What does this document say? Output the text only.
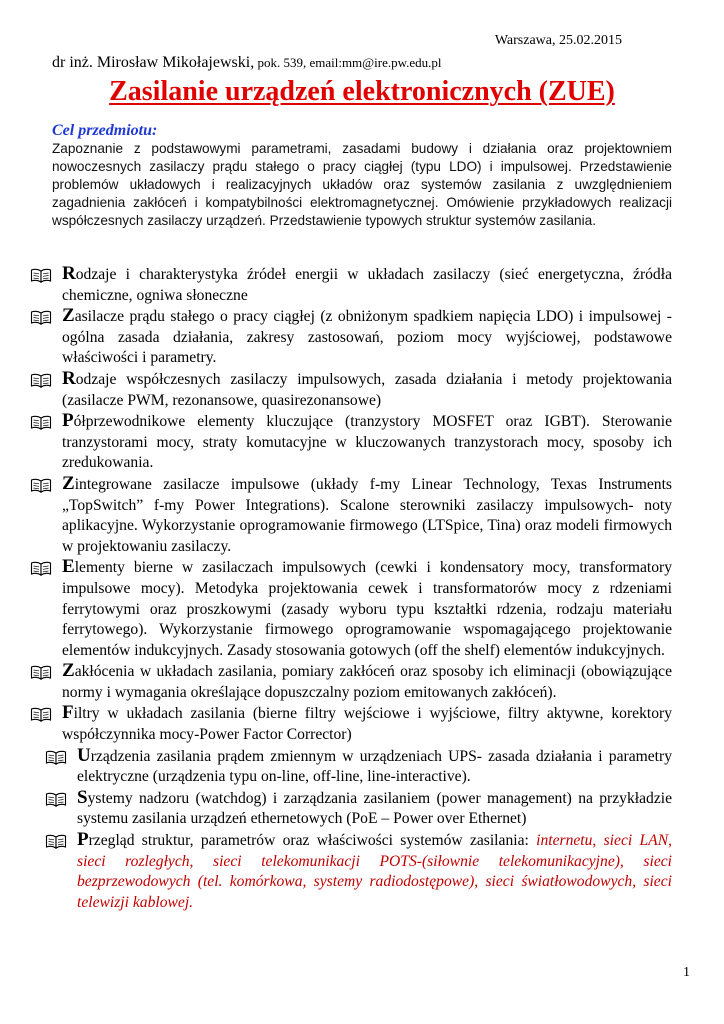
Warszawa, 25.02.2015
dr inż. Mirosław Mikołajewski, pok. 539, email:mm@ire.pw.edu.pl
Zasilanie urządzeń elektronicznych (ZUE)
Cel przedmiotu:
Zapoznanie z podstawowymi parametrami, zasadami budowy i działania oraz projektowniem nowoczesnych zasilaczy prądu stałego o pracy ciągłej (typu LDO) i impulsowej. Przedstawienie problemów układowych i realizacyjnych układów oraz systemów zasilania z uwzględnieniem zagadnienia zakłóceń i kompatybilności elektromagnetycznej. Omówienie przykładowych realizacji współczesnych zasilaczy urządzeń. Przedstawienie typowych struktur systemów zasilania.
Rodzaje i charakterystyka źródeł energii w układach zasilaczy (sieć energetyczna, źródła chemiczne, ogniwa słoneczne
Zasilacze prądu stałego o pracy ciągłej (z obniżonym spadkiem napięcia LDO) i impulsowej - ogólna zasada działania, zakresy zastosowań, poziom mocy wyjściowej, podstawowe właściwości i parametry.
Rodzaje współczesnych zasilaczy impulsowych, zasada działania i metody projektowania (zasilacze PWM, rezonansowe, quasirezonansowe)
Półprzewodnikowe elementy kluczujące (tranzystory MOSFET oraz IGBT). Sterowanie tranzystorami mocy, straty komutacyjne w kluczowanych tranzystorach mocy, sposoby ich zredukowania.
Zintegrowane zasilacze impulsowe (układy f-my Linear Technology, Texas Instruments „TopSwitch” f-my Power Integrations). Scalone sterowniki zasilaczy impulsowych- noty aplikacyjne. Wykorzystanie oprogramowanie firmowego (LTSpice, Tina) oraz modeli firmowych w projektowaniu zasilaczy.
Elementy bierne w zasilaczach impulsowych (cewki i kondensatory mocy, transformatory impulsowe mocy). Metodyka projektowania cewek i transformatorów mocy z rdzeniami ferrytowymi oraz proszkowymi (zasady wyboru typu kształtki rdzenia, rodzaju materiału ferrytowego). Wykorzystanie firmowego oprogramowanie wspomagającego projektowanie elementów indukcyjnych. Zasady stosowania gotowych (off the shelf) elementów indukcyjnych.
Zakłócenia w układach zasilania, pomiary zakłóceń oraz sposoby ich eliminacji (obowiązujące normy i wymagania określające dopuszczalny poziom emitowanych zakłóceń).
Filtry w układach zasilania (bierne filtry wejściowe i wyjściowe, filtry aktywne, korektory współczynnika mocy-Power Factor Corrector)
Urządzenia zasilania prądem zmiennym w urządzeniach UPS- zasada działania i parametry elektryczne (urządzenia typu on-line, off-line, line-interactive).
Systemy nadzoru (watchdog) i zarządzania zasilaniem (power management) na przykładzie systemu zasilania urządzeń ethernetowych (PoE – Power over Ethernet)
Przegląd struktur, parametrów oraz właściwości systemów zasilania: internetu, sieci LAN, sieci rozległych, sieci telekomunikacji POTS-(siłownie telekomunikacyjne), sieci bezprzewodowych (tel. komórkowa, systemy radiodostępowe), sieci światłowodowych, sieci telewizji kablowej.
1
